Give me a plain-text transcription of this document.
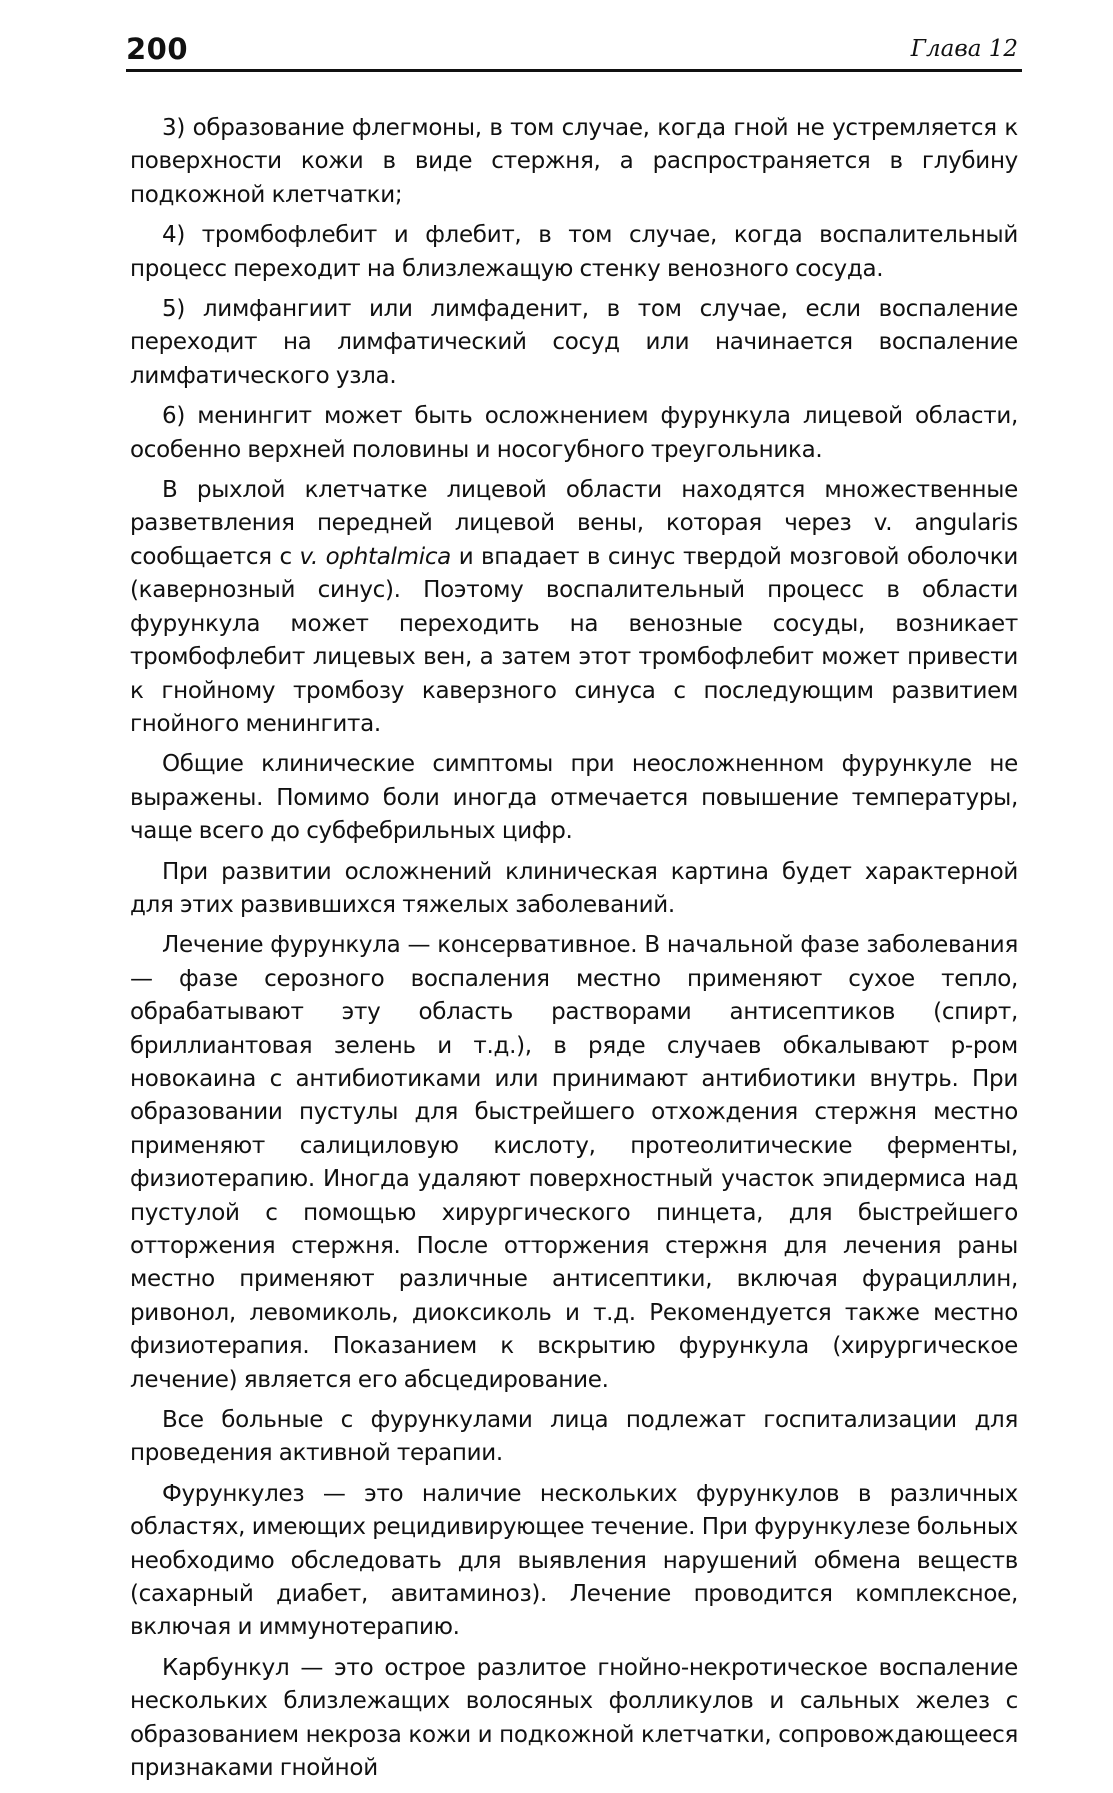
200	Глава 12

3) образование флегмоны, в том случае, когда гной не устремляется к поверхности кожи в виде стержня, а распространяется в глубину подкожной клетчатки;

4) тромбофлебит и флебит, в том случае, когда воспалительный процесс переходит на близлежащую стенку венозного сосуда.

5) лимфангиит или лимфаденит, в том случае, если воспаление переходит на лимфатический сосуд или начинается воспаление лимфатического узла.

6) менингит может быть осложнением фурункула лицевой области, особенно верхней половины и носогубного треугольника.

В рыхлой клетчатке лицевой области находятся множественные разветвления передней лицевой вены, которая через v. angularis сообщается с v. ophtalmica и впадает в синус твердой мозговой оболочки (кавернозный синус). Поэтому воспалительный процесс в области фурункула может переходить на венозные сосуды, возникает тромбофлебит лицевых вен, а затем этот тромбофлебит может привести к гнойному тромбозу каверзного синуса с последующим развитием гнойного менингита.

Общие клинические симптомы при неосложненном фурункуле не выражены. Помимо боли иногда отмечается повышение температуры, чаще всего до субфебрильных цифр.

При развитии осложнений клиническая картина будет характерной для этих развившихся тяжелых заболеваний.

Лечение фурункула — консервативное. В начальной фазе заболевания — фазе серозного воспаления местно применяют сухое тепло, обрабатывают эту область растворами антисептиков (спирт, бриллиантовая зелень и т.д.), в ряде случаев обкалывают р-ром новокаина с антибиотиками или принимают антибиотики внутрь. При образовании пустулы для быстрейшего отхождения стержня местно применяют салициловую кислоту, протеолитические ферменты, физиотерапию. Иногда удаляют поверхностный участок эпидермиса над пустулой с помощью хирургического пинцета, для быстрейшего отторжения стержня. После отторжения стержня для лечения раны местно применяют различные антисептики, включая фурациллин, ривонол, левомиколь, диоксиколь и т.д. Рекомендуется также местно физиотерапия. Показанием к вскрытию фурункула (хирургическое лечение) является его абсцедирование.

Все больные с фурункулами лица подлежат госпитализации для проведения активной терапии.

Фурункулез — это наличие нескольких фурункулов в различных областях, имеющих рецидивирующее течение. При фурункулезе больных необходимо обследовать для выявления нарушений обмена веществ (сахарный диабет, авитаминоз). Лечение проводится комплексное, включая и иммунотерапию.

Карбункул — это острое разлитое гнойно-некротическое воспаление нескольких близлежащих волосяных фолликулов и сальных желез с образованием некроза кожи и подкожной клетчатки, сопровождающееся признаками гнойной
